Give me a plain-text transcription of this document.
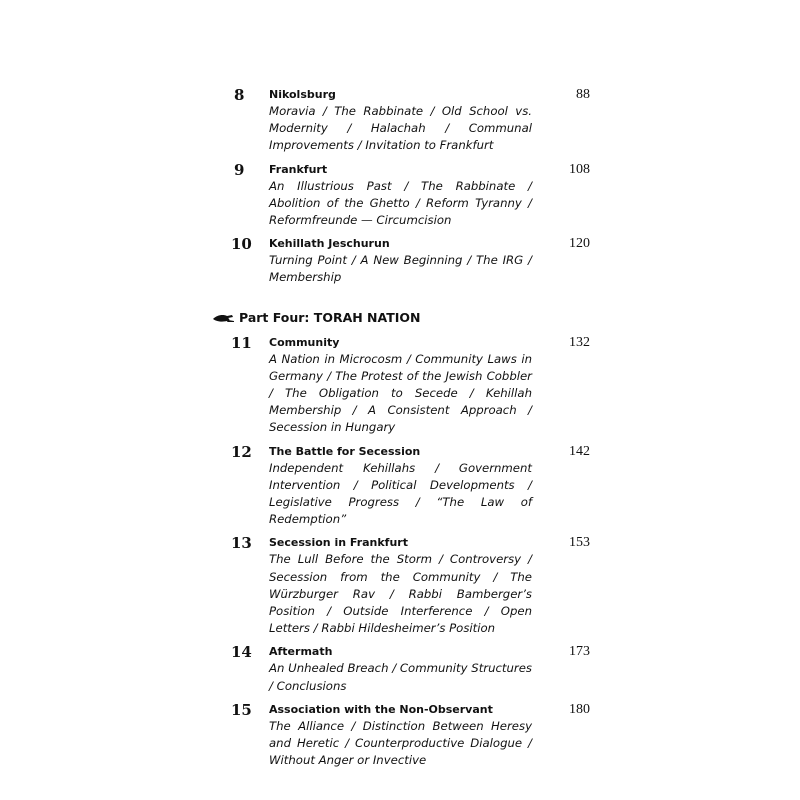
8	Nikolsburg
Moravia / The Rabbinate / Old School vs. Modernity / Halachah / Communal Improvements / Invitation to Frankfurt
88
9	Frankfurt
An Illustrious Past / The Rabbinate / Abolition of the Ghetto / Reform Tyranny / Reformfreunde — Circumcision
108
10	Kehillath Jeschurun
Turning Point / A New Beginning / The IRG / Membership
120
Part Four: TORAH NATION
11	Community
A Nation in Microcosm / Community Laws in Germany / The Protest of the Jewish Cobbler / The Obligation to Secede / Kehillah Membership / A Consistent Approach / Secession in Hungary
132
12	The Battle for Secession
Independent Kehillahs / Government Intervention / Political Developments / Legislative Progress / “The Law of Redemption”
142
13	Secession in Frankfurt
The Lull Before the Storm / Controversy / Secession from the Community / The Würzburger Rav / Rabbi Bamberger’s Position / Outside Interference / Open Letters / Rabbi Hildesheimer’s Position
153
14	Aftermath
An Unhealed Breach / Community Structures / Conclusions
173
15	Association with the Non-Observant
The Alliance / Distinction Between Heresy and Heretic / Counterproductive Dialogue / Without Anger or Invective
180
